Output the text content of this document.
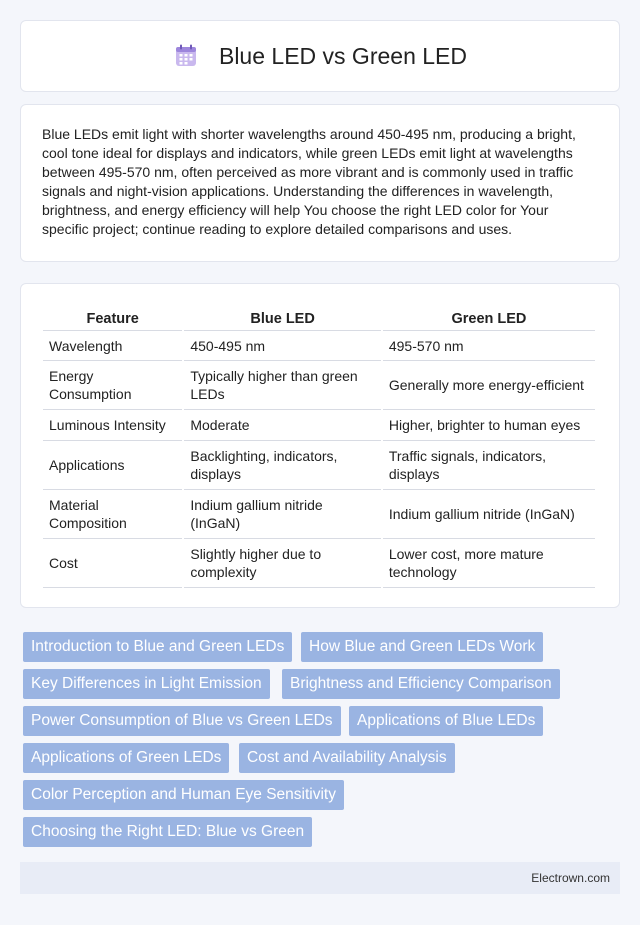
Blue LED vs Green LED

Blue LEDs emit light with shorter wavelengths around 450-495 nm, producing a bright, cool tone ideal for displays and indicators, while green LEDs emit light at wavelengths between 495-570 nm, often perceived as more vibrant and is commonly used in traffic signals and night-vision applications. Understanding the differences in wavelength, brightness, and energy efficiency will help You choose the right LED color for Your specific project; continue reading to explore detailed comparisons and uses.

Feature	Blue LED	Green LED
Wavelength	450-495 nm	495-570 nm
Energy Consumption	Typically higher than green LEDs	Generally more energy-efficient
Luminous Intensity	Moderate	Higher, brighter to human eyes
Applications	Backlighting, indicators, displays	Traffic signals, indicators, displays
Material Composition	Indium gallium nitride (InGaN)	Indium gallium nitride (InGaN)
Cost	Slightly higher due to complexity	Lower cost, more mature technology
Introduction to Blue and Green LEDs	How Blue and Green LEDs Work
Key Differences in Light Emission	Brightness and Efficiency Comparison
Power Consumption of Blue vs Green LEDs	Applications of Blue LEDs
Applications of Green LEDs	Cost and Availability Analysis
Color Perception and Human Eye Sensitivity
Choosing the Right LED: Blue vs Green
Electrown.com
